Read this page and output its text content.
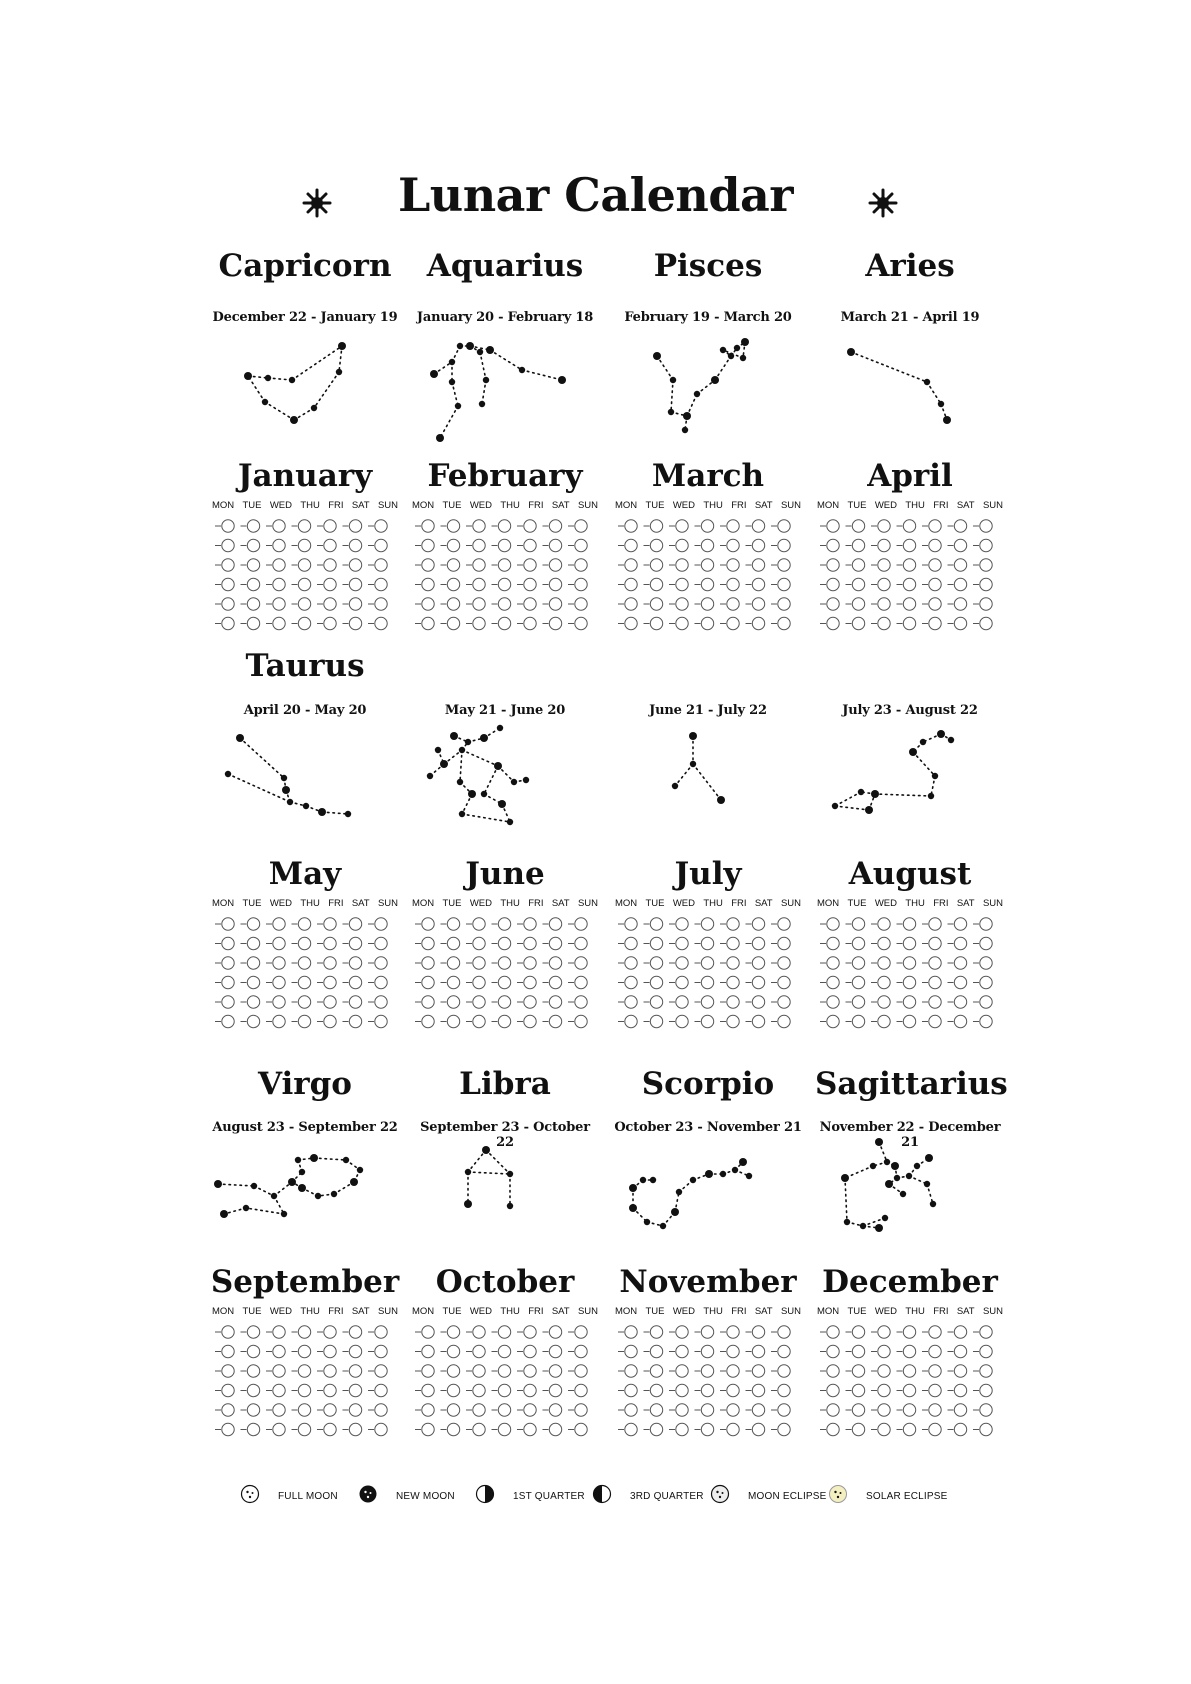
Lunar Calendar
Capricorn
December 22 - January 19
January
MON TUE WED THU FRI SAT SUN
Aquarius
January 20 - February 18
February
MON TUE WED THU FRI SAT SUN
Pisces
February 19 - March 20
March
MON TUE WED THU FRI SAT SUN
Aries
March 21 - April 19
April
MON TUE WED THU FRI SAT SUN
Taurus
April 20 - May 20
May
MON TUE WED THU FRI SAT SUN
May 21 - June 20
June
MON TUE WED THU FRI SAT SUN
June 21 - July 22
July
MON TUE WED THU FRI SAT SUN
July 23 - August 22
August
MON TUE WED THU FRI SAT SUN
Virgo
August 23 - September 22
September
MON TUE WED THU FRI SAT SUN
Libra
September 23 - October 22
October
MON TUE WED THU FRI SAT SUN
Scorpio
October 23 - November 21
November
MON TUE WED THU FRI SAT SUN
Sagittarius
November 22 - December 21
December
MON TUE WED THU FRI SAT SUN
FULL MOON	NEW MOON	1ST QUARTER	3RD QUARTER	MOON ECLIPSE	SOLAR ECLIPSE
